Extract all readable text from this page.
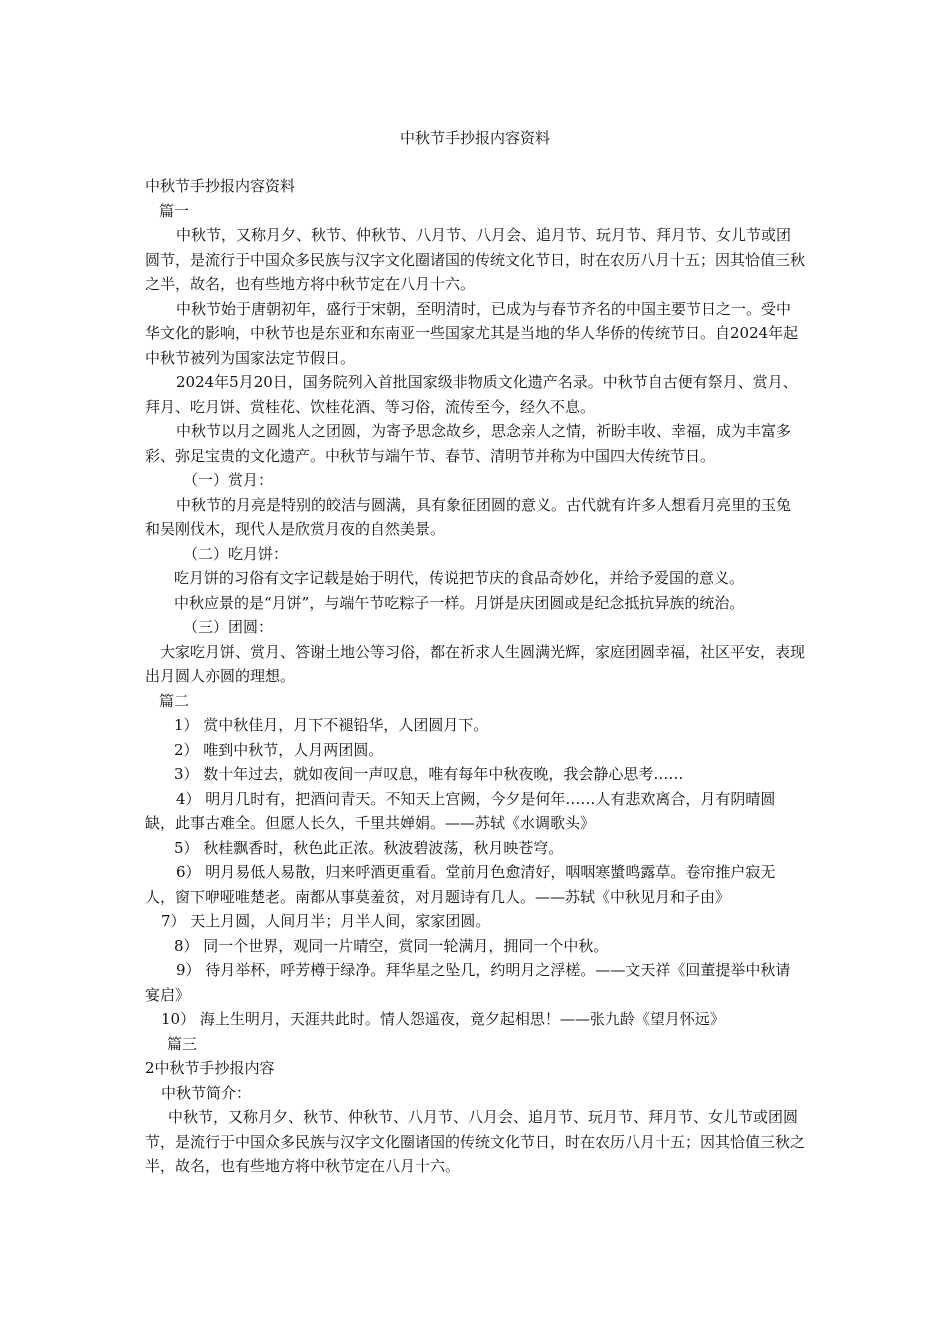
中秋节手抄报内容资料

中秋节手抄报内容资料

篇一

中秋节，又称月夕、秋节、仲秋节、八月节、八月会、追月节、玩月节、拜月节、女儿节或团圆节，是流行于中国众多民族与汉字文化圈诸国的传统文化节日，时在农历八月十五；因其恰值三秋之半，故名，也有些地方将中秋节定在八月十六。

中秋节始于唐朝初年，盛行于宋朝，至明清时，已成为与春节齐名的中国主要节日之一。受中华文化的影响，中秋节也是东亚和东南亚一些国家尤其是当地的华人华侨的传统节日。自2024年起中秋节被列为国家法定节假日。

2024年5月20日，国务院列入首批国家级非物质文化遗产名录。中秋节自古便有祭月、赏月、拜月、吃月饼、赏桂花、饮桂花酒、等习俗，流传至今，经久不息。

中秋节以月之圆兆人之团圆，为寄予思念故乡，思念亲人之情，祈盼丰收、幸福，成为丰富多彩、弥足宝贵的文化遗产。中秋节与端午节、春节、清明节并称为中国四大传统节日。

（一）赏月：

中秋节的月亮是特别的皎洁与圆满，具有象征团圆的意义。古代就有许多人想看月亮里的玉兔和吴刚伐木，现代人是欣赏月夜的自然美景。

（二）吃月饼：

吃月饼的习俗有文字记载是始于明代，传说把节庆的食品奇妙化，并给予爱国的意义。

中秋应景的是“月饼”，与端午节吃粽子一样。月饼是庆团圆或是纪念抵抗异族的统治。

（三）团圆：

大家吃月饼、赏月、答谢土地公等习俗，都在祈求人生圆满光辉，家庭团圆幸福，社区平安，表现出月圆人亦圆的理想。

篇二

1） 赏中秋佳月，月下不褪铅华，人团圆月下。

2） 唯到中秋节，人月两团圆。

3） 数十年过去，就如夜间一声叹息，唯有每年中秋夜晚，我会静心思考……

4） 明月几时有，把酒问青天。不知天上宫阙，今夕是何年……人有悲欢离合，月有阴晴圆缺，此事古难全。但愿人长久，千里共婵娟。——苏轼《水调歌头》

5） 秋桂飘香时，秋色此正浓。秋波碧波荡，秋月映苍穹。

6） 明月易低人易散，归来呼酒更重看。堂前月色愈清好，咽咽寒螿鸣露草。卷帘推户寂无人，窗下咿哑唯楚老。南都从事莫羞贫，对月题诗有几人。——苏轼《中秋见月和子由》

7） 天上月圆，人间月半；月半人间，家家团圆。

8） 同一个世界，观同一片晴空，赏同一轮满月，拥同一个中秋。

9） 待月举杯，呼芳樽于绿净。拜华星之坠几，约明月之浮槎。——文天祥《回董提举中秋请宴启》

10） 海上生明月，天涯共此时。情人怨遥夜，竟夕起相思！——张九龄《望月怀远》

篇三

2中秋节手抄报内容

中秋节简介：

中秋节，又称月夕、秋节、仲秋节、八月节、八月会、追月节、玩月节、拜月节、女儿节或团圆节，是流行于中国众多民族与汉字文化圈诸国的传统文化节日，时在农历八月十五；因其恰值三秋之半，故名，也有些地方将中秋节定在八月十六。
